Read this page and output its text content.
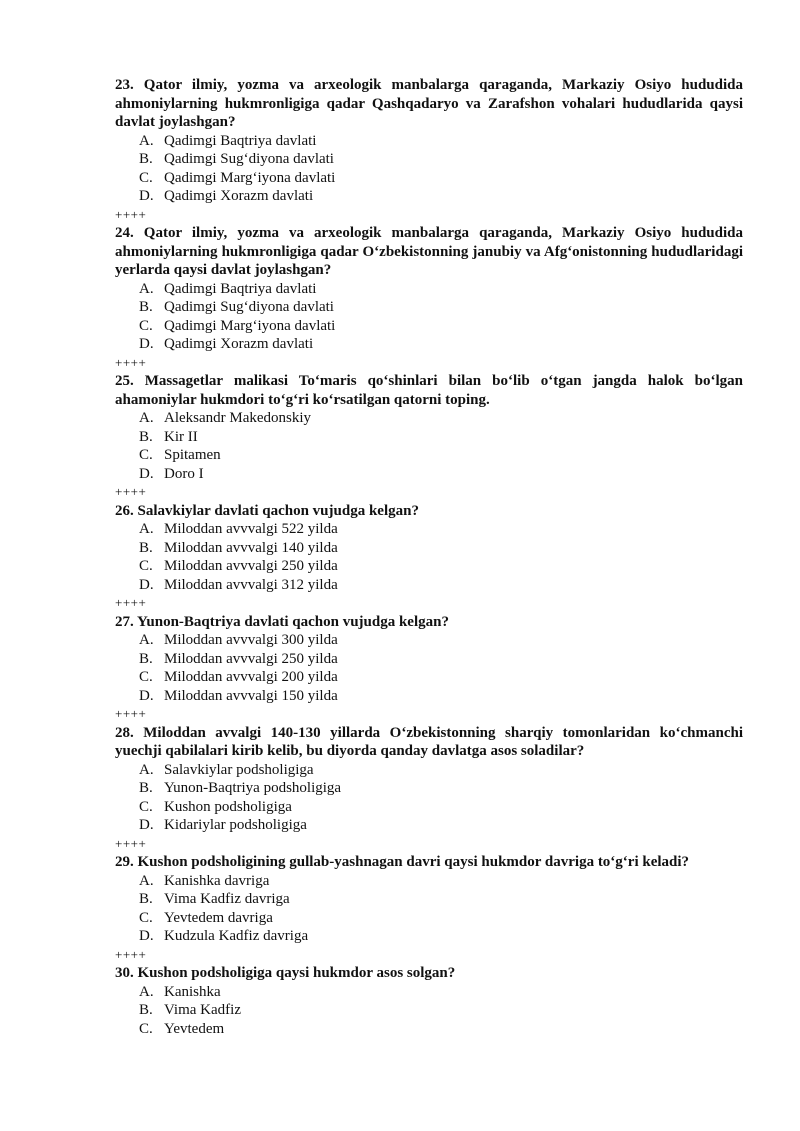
23. Qator ilmiy, yozma va arxeologik manbalarga qaraganda, Markaziy Osiyo hududida ahmoniylarning hukmronligiga qadar Qashqadaryo va Zarafshon vohalari hududlarida qaysi davlat joylashgan?

A. Qadimgi Baqtriya davlati
B. Qadimgi Sug‘diyona davlati
C. Qadimgi Marg‘iyona davlati
D. Qadimgi Xorazm davlati

++++

24. Qator ilmiy, yozma va arxeologik manbalarga qaraganda, Markaziy Osiyo hududida ahmoniylarning hukmronligiga qadar O‘zbekistonning janubiy va Afg‘onistonning hududlaridagi yerlarda qaysi davlat joylashgan?

A. Qadimgi Baqtriya davlati
B. Qadimgi Sug‘diyona davlati
C. Qadimgi Marg‘iyona davlati
D. Qadimgi Xorazm davlati

++++

25. Massagetlar malikasi To‘maris qo‘shinlari bilan bo‘lib o‘tgan jangda halok bo‘lgan ahamoniylar hukmdori to‘g‘ri ko‘rsatilgan qatorni toping.

A. Aleksandr Makedonskiy
B. Kir II
C. Spitamen
D. Doro I

++++

26. Salavkiylar davlati qachon vujudga kelgan?

A. Miloddan avvvalgi 522 yilda
B. Miloddan avvvalgi 140 yilda
C. Miloddan avvvalgi 250 yilda
D. Miloddan avvvalgi 312 yilda

++++

27. Yunon-Baqtriya davlati qachon vujudga kelgan?

A. Miloddan avvvalgi 300 yilda
B. Miloddan avvvalgi 250 yilda
C. Miloddan avvvalgi 200 yilda
D. Miloddan avvvalgi 150 yilda

++++

28. Miloddan avvalgi 140-130 yillarda O‘zbekistonning sharqiy tomonlaridan ko‘chmanchi yuechji qabilalari kirib kelib, bu diyorda qanday davlatga asos soladilar?

A. Salavkiylar podsholigiga
B. Yunon-Baqtriya podsholigiga
C. Kushon podsholigiga
D. Kidariylar podsholigiga

++++

29. Kushon podsholigining gullab-yashnagan davri qaysi hukmdor davriga to‘g‘ri keladi?

A. Kanishka davriga
B. Vima Kadfiz davriga
C. Yevtedem davriga
D. Kudzula Kadfiz davriga

++++

30. Kushon podsholigiga qaysi hukmdor asos solgan?

A. Kanishka
B. Vima Kadfiz
C. Yevtedem
